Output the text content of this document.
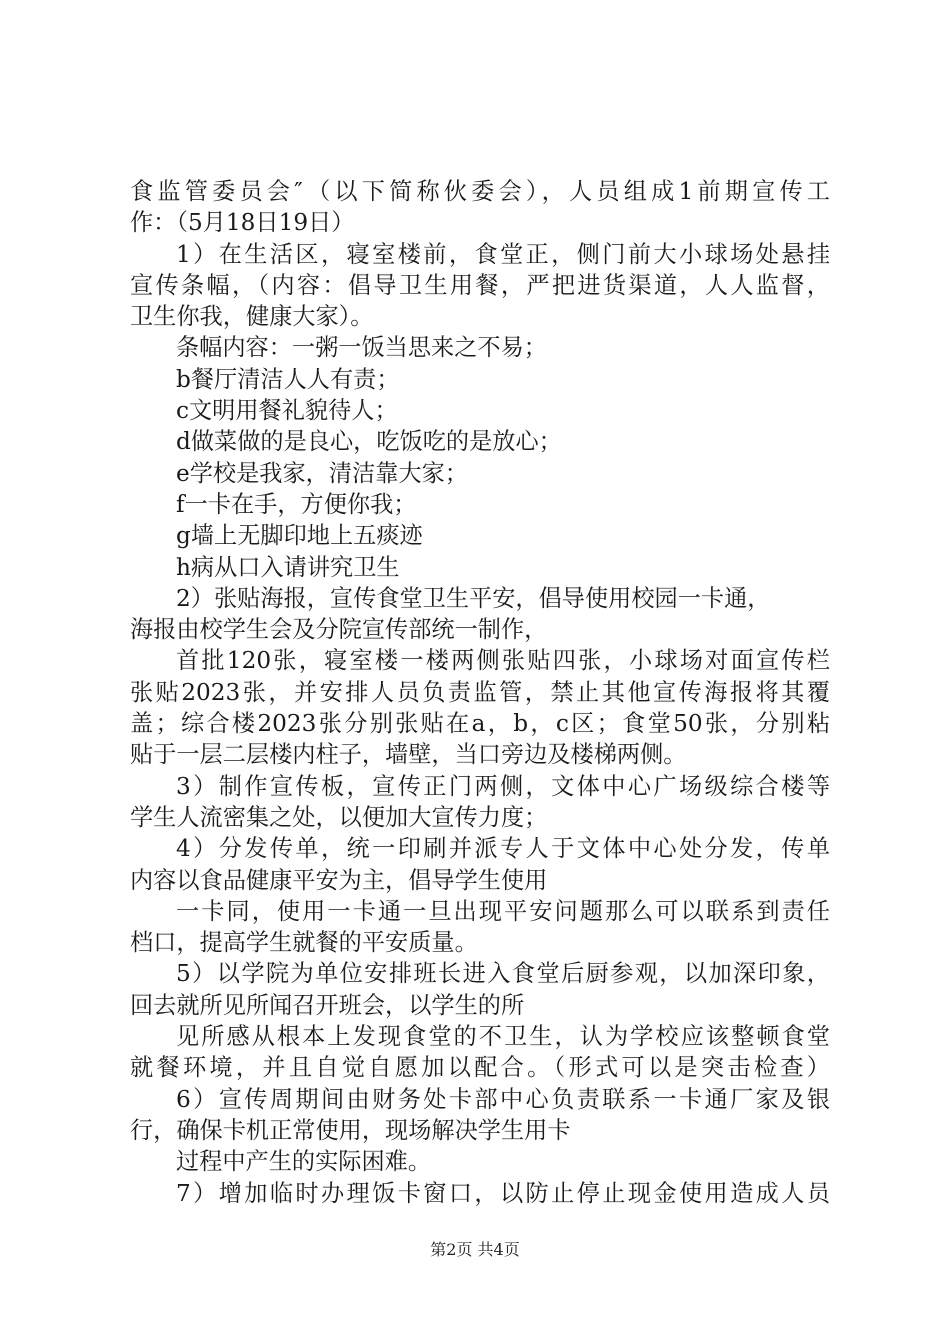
食监管委员会″（以下简称伙委会），人员组成1前期宣传工
作：（5月18日19日）
1）在生活区，寝室楼前，食堂正，侧门前大小球场处悬挂
宣传条幅，（内容：倡导卫生用餐，严把进货渠道，人人监督，
卫生你我，健康大家）。
条幅内容：一粥一饭当思来之不易；
b餐厅清洁人人有责；
c文明用餐礼貌待人；
d做菜做的是良心，吃饭吃的是放心；
e学校是我家，清洁靠大家；
f一卡在手，方便你我；
g墙上无脚印地上五痰迹
h病从口入请讲究卫生
2）张贴海报，宣传食堂卫生平安，倡导使用校园一卡通，
海报由校学生会及分院宣传部统一制作，
首批120张，寝室楼一楼两侧张贴四张，小球场对面宣传栏
张贴2023张，并安排人员负责监管，禁止其他宣传海报将其覆
盖；综合楼2023张分别张贴在a，b，c区；食堂50张，分别粘
贴于一层二层楼内柱子，墙壁，当口旁边及楼梯两侧。
3）制作宣传板，宣传正门两侧，文体中心广场级综合楼等
学生人流密集之处，以便加大宣传力度；
4）分发传单，统一印刷并派专人于文体中心处分发，传单
内容以食品健康平安为主，倡导学生使用
一卡同，使用一卡通一旦出现平安问题那么可以联系到责任
档口，提高学生就餐的平安质量。
5）以学院为单位安排班长进入食堂后厨参观，以加深印象，
回去就所见所闻召开班会，以学生的所
见所感从根本上发现食堂的不卫生，认为学校应该整顿食堂
就餐环境，并且自觉自愿加以配合。（形式可以是突击检查）
6）宣传周期间由财务处卡部中心负责联系一卡通厂家及银
行，确保卡机正常使用，现场解决学生用卡
过程中产生的实际困难。
7）增加临时办理饭卡窗口，以防止停止现金使用造成人员
第2页 共4页
